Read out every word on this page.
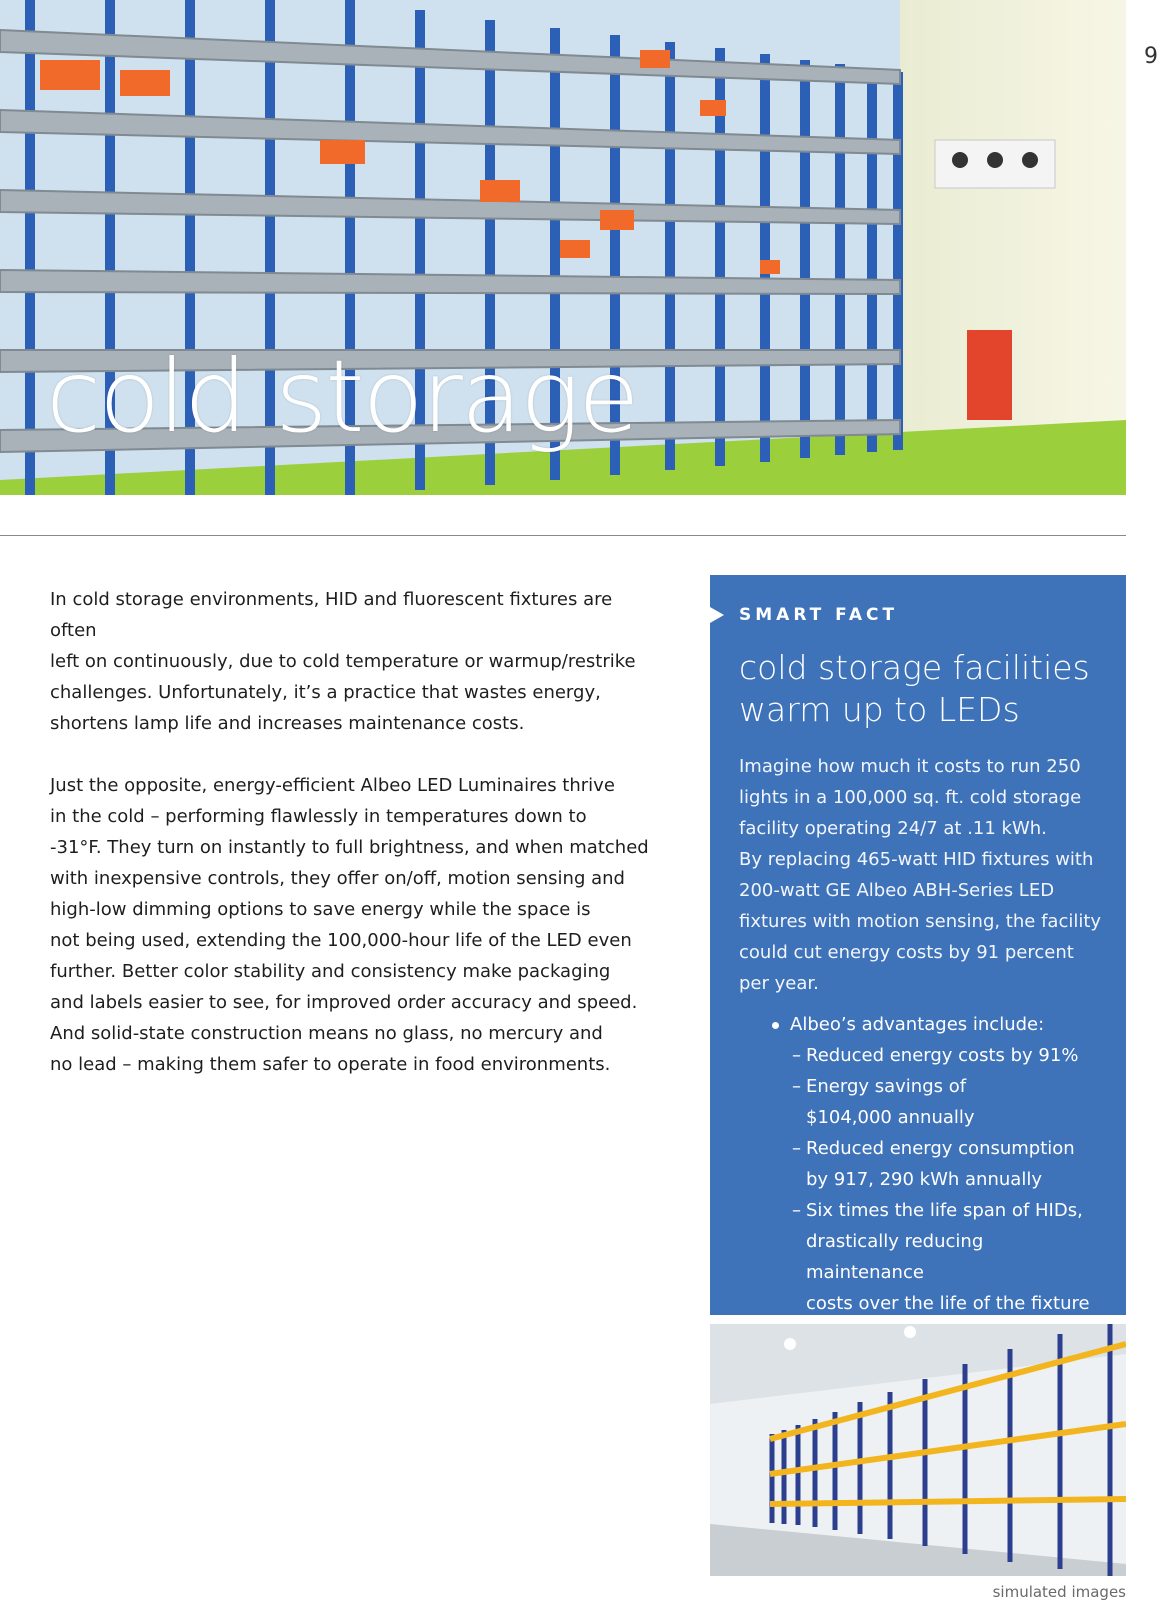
9
cold storage

In cold storage environments, HID and fluorescent fixtures are often
left on continuously, due to cold temperature or warmup/restrike
challenges. Unfortunately, it’s a practice that wastes energy,
shortens lamp life and increases maintenance costs.

Just the opposite, energy-efficient Albeo LED Luminaires thrive
in the cold – performing flawlessly in temperatures down to
-31°F. They turn on instantly to full brightness, and when matched
with inexpensive controls, they offer on/off, motion sensing and
high-low dimming options to save energy while the space is
not being used, extending the 100,000-hour life of the LED even
further. Better color stability and consistency make packaging
and labels easier to see, for improved order accuracy and speed.
And solid-state construction means no glass, no mercury and
no lead – making them safer to operate in food environments.

SMART FACT
cold storage facilities
warm up to LEDs

Imagine how much it costs to run 250
lights in a 100,000 sq. ft. cold storage
facility operating 24/7 at .11 kWh.
By replacing 465-watt HID fixtures with
200-watt GE Albeo ABH-Series LED
fixtures with motion sensing, the facility
could cut energy costs by 91 percent
per year.

Albeo’s advantages include:
– Reduced energy costs by 91%
– Energy savings of
$104,000 annually
– Reduced energy consumption
by 917, 290 kWh annually
– Six times the life span of HIDs,
drastically reducing maintenance
costs over the life of the fixture
simulated images
